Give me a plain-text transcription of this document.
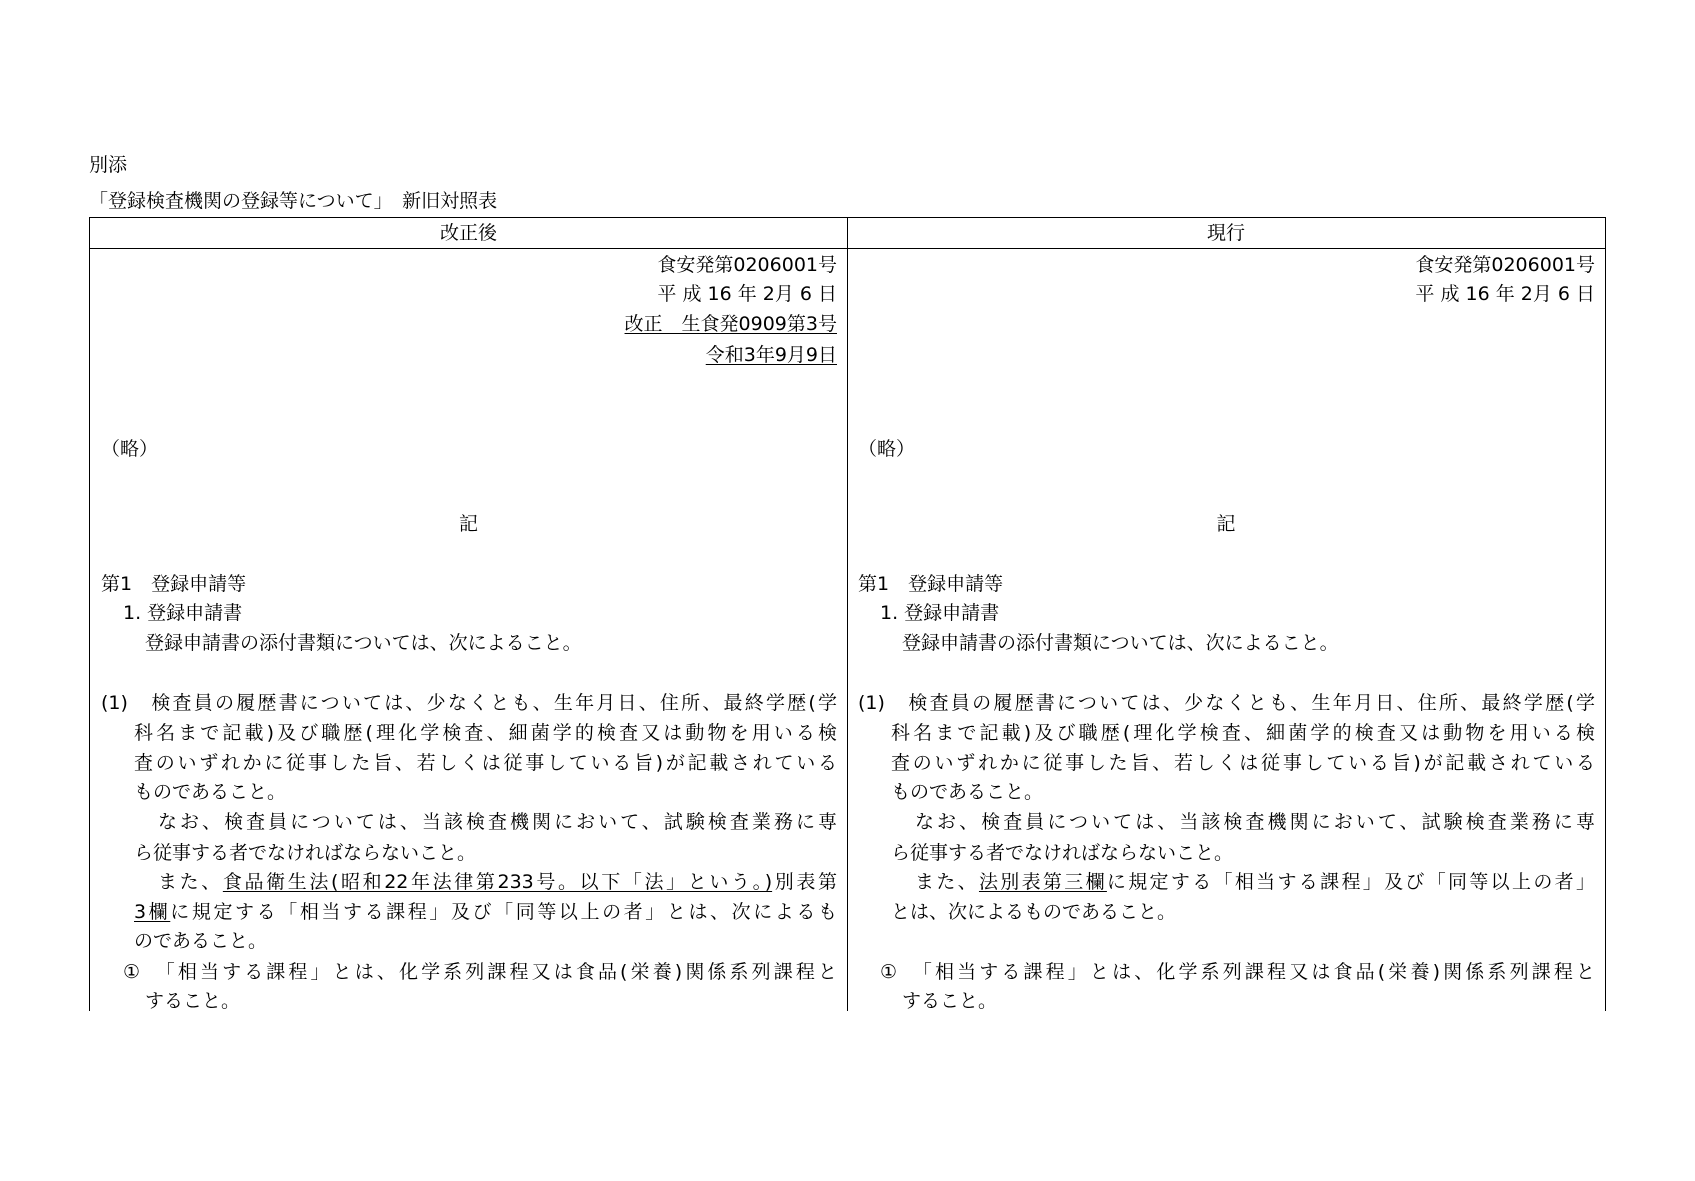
別添
「登録検査機関の登録等について」　新旧対照表
改正後
食安発第0206001号
平 成 16 年 2月 6 日
改正　生食発0909第3号
令和3年9月9日
（略）
記
第1　登録申請等
1. 登録申請書
登録申請書の添付書類については、次によること。
(1)　検査員の履歴書については、少なくとも、生年月日、住所、最終学歴(学
科名まで記載)及び職歴(理化学検査、細菌学的検査又は動物を用いる検
査のいずれかに従事した旨、若しくは従事している旨)が記載されている
ものであること。
なお、検査員については、当該検査機関において、試験検査業務に専
ら従事する者でなければならないこと。
また、食品衛生法(昭和22年法律第233号。以下「法」という。)別表第
3欄に規定する「相当する課程」及び「同等以上の者」とは、次によるも
のであること。
①　「相当する課程」とは、化学系列課程又は食品(栄養)関係系列課程と
すること。
現行
食安発第0206001号
平 成 16 年 2月 6 日
（略）
記
第1　登録申請等
1. 登録申請書
登録申請書の添付書類については、次によること。
(1)　検査員の履歴書については、少なくとも、生年月日、住所、最終学歴(学
科名まで記載)及び職歴(理化学検査、細菌学的検査又は動物を用いる検
査のいずれかに従事した旨、若しくは従事している旨)が記載されている
ものであること。
なお、検査員については、当該検査機関において、試験検査業務に専
ら従事する者でなければならないこと。
また、法別表第三欄に規定する「相当する課程」及び「同等以上の者」
とは、次によるものであること。
①　「相当する課程」とは、化学系列課程又は食品(栄養)関係系列課程と
すること。
